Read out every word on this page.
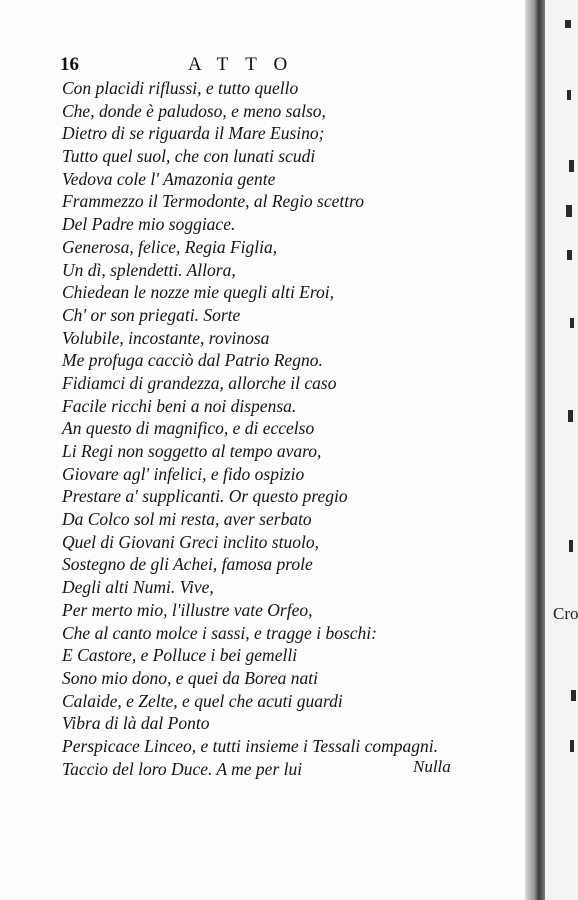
16	ATTO
Con placidi riflussi, e tutto quello
Che, donde è paludoso, e meno salso,
Dietro di se riguarda il Mare Eusino;
Tutto quel suol, che con lunati scudi
Vedova cole l' Amazonia gente
Frammezzo il Termodonte, al Regio scettro
Del Padre mio soggiace.
Generosa, felice, Regia Figlia,
Un dì, splendetti. Allora,
Chiedean le nozze mie quegli alti Eroi,
Ch' or son priegati. Sorte
Volubile, incostante, rovinosa
Me profuga cacciò dal Patrio Regno.
Fidiamci di grandezza, allorche il caso
Facile ricchi beni a noi dispensa.
An questo di magnifico, e di eccelso
Li Regi non soggetto al tempo avaro,
Giovare agl' infelici, e fido ospizio
Prestare a' supplicanti. Or questo pregio
Da Colco sol mi resta, aver serbato
Quel di Giovani Greci inclito stuolo,
Sostegno de gli Achei, famosa prole
Degli alti Numi. Vive,
Per merto mio, l'illustre vate Orfeo,
Che al canto molce i sassi, e tragge i boschi:
E Castore, e Polluce i bei gemelli
Sono mio dono, e quei da Borea nati
Calaide, e Zelte, e quel che acuti guardi
Vibra di là dal Ponto
Perspicace Linceo, e tutti insieme i Tessali compagni.
Taccio del loro Duce. A me per lui	Nulla
Cro
